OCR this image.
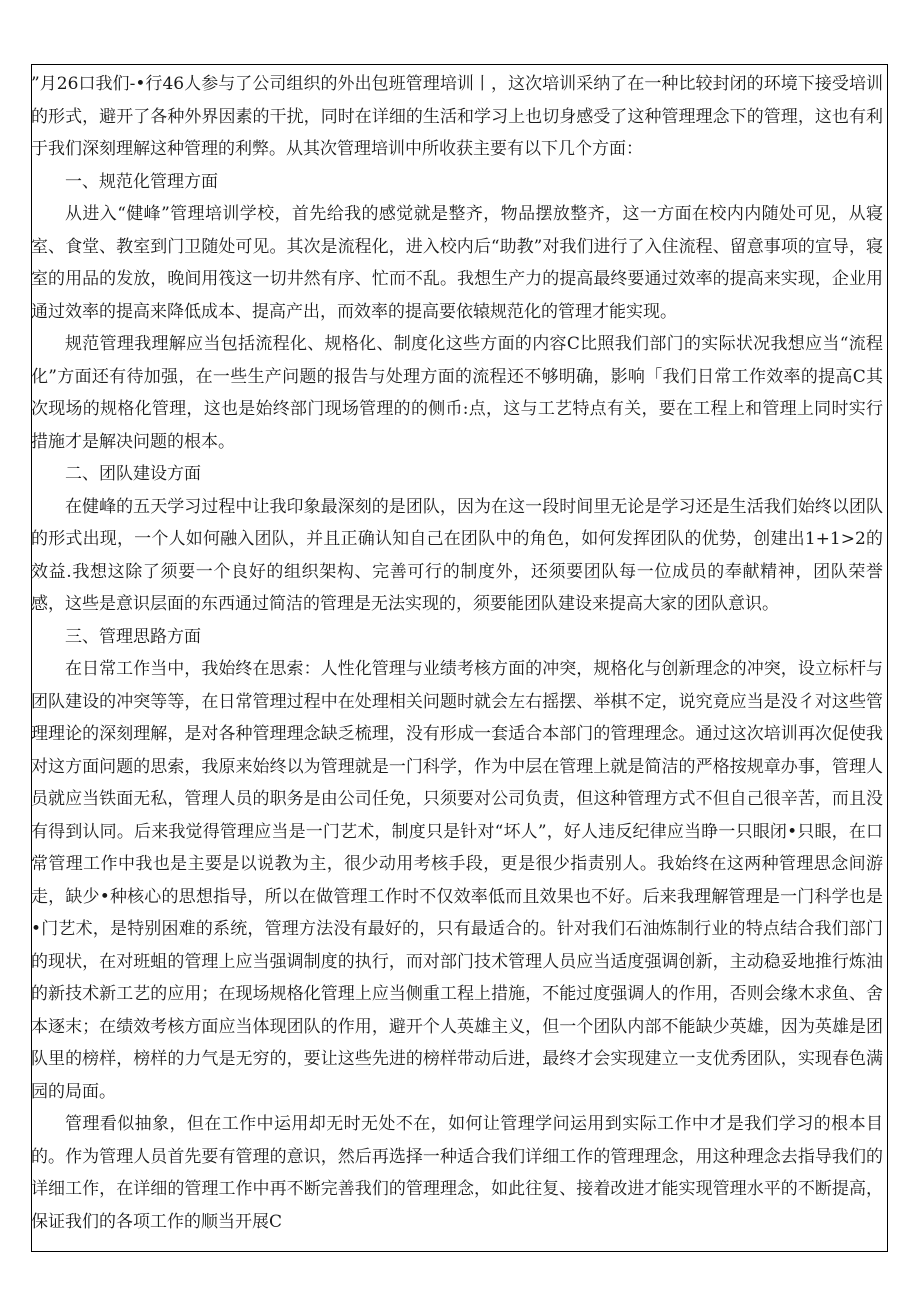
”月26口我们-•行46人参与了公司组织的外出包班管理培训丨，这次培训采纳了在一种比较封闭的环境下接受培训的形式，避开了各种外界因素的干扰，同时在详细的生活和学习上也切身感受了这种管理理念下的管理，这也有利于我们深刻理解这种管理的利弊。从其次管理培训中所收获主要有以下几个方面：

一、规范化管理方面

从进入“健峰”管理培训学校，首先给我的感觉就是整齐，物品摆放整齐，这一方面在校内内随处可见，从寝室、食堂、教室到门卫随处可见。其次是流程化，进入校内后“助教”对我们进行了入住流程、留意事项的宣导，寝室的用品的发放，晚间用筏这一切井然有序、忙而不乱。我想生产力的提高最终要通过效率的提高来实现，企业用通过效率的提高来降低成本、提高产出，而效率的提高要依辕规范化的管理才能实现。

规范管理我理解应当包括流程化、规格化、制度化这些方面的内容C比照我们部门的实际状况我想应当“流程化”方面还有待加强，在一些生产问题的报告与处理方面的流程还不够明确，影响「我们日常工作效率的提高C其次现场的规格化管理，这也是始终部门现场管理的的侧币:点，这与工艺特点有关，要在工程上和管理上同时实行措施才是解决问题的根本。

二、团队建设方面

在健峰的五天学习过程中让我印象最深刻的是团队，因为在这一段时间里无论是学习还是生活我们始终以团队的形式出现，一个人如何融入团队，并且正确认知自己在团队中的角色，如何发挥团队的优势，创建出1+1>2的效益.我想这除了须要一个良好的组织架构、完善可行的制度外，还须要团队每一位成员的奉献精神，团队荣誉感，这些是意识层面的东西通过简洁的管理是无法实现的，须要能团队建设来提高大家的团队意识。

三、管理思路方面

在日常工作当中，我始终在思索：人性化管理与业绩考核方面的冲突，规格化与创新理念的冲突，设立标杆与团队建设的冲突等等，在日常管理过程中在处理相关问题时就会左右摇摆、举棋不定，说究竟应当是没彳对这些管理理论的深刻理解，是对各种管理理念缺乏梳理，没有形成一套适合本部门的管理理念。通过这次培训再次促使我对这方面问题的思索，我原来始终以为管理就是一门科学，作为中层在管理上就是简洁的严格按规章办事，管理人员就应当铁面无私，管理人员的职务是由公司任免，只须要对公司负责，但这种管理方式不但自己很辛苦，而且没有得到认同。后来我觉得管理应当是一门艺术，制度只是针对“坏人”，好人违反纪律应当睁一只眼闭•只眼，在口常管理工作中我也是主要是以说教为主，很少动用考核手段，更是很少指责别人。我始终在这两种管理思念间游走，缺少•种核心的思想指导，所以在做管理工作时不仅效率低而且效果也不好。后来我理解管理是一门科学也是•门艺术，是特别困难的系统，管理方法没有最好的，只有最适合的。针对我们石油炼制行业的特点结合我们部门的现状，在对班蛆的管理上应当强调制度的执行，而对部门技术管理人员应当适度强调创新，主动稳妥地推行炼油的新技术新工艺的应用；在现场规格化管理上应当侧重工程上措施，不能过度强调人的作用，否则会缘木求鱼、舍本逐末；在绩效考核方面应当体现团队的作用，避开个人英雄主义，但一个团队内部不能缺少英雄，因为英雄是团队里的榜样，榜样的力气是无穷的，要让这些先进的榜样带动后进，最终才会实现建立一支优秀团队，实现春色满园的局面。

管理看似抽象，但在工作中运用却无时无处不在，如何让管理学问运用到实际工作中才是我们学习的根本目的。作为管理人员首先要有管理的意识，然后再选择一种适合我们详细工作的管理理念，用这种理念去指导我们的详细工作，在详细的管理工作中再不断完善我们的管理理念，如此往复、接着改进才能实现管理水平的不断提高，保证我们的各项工作的顺当开展C
